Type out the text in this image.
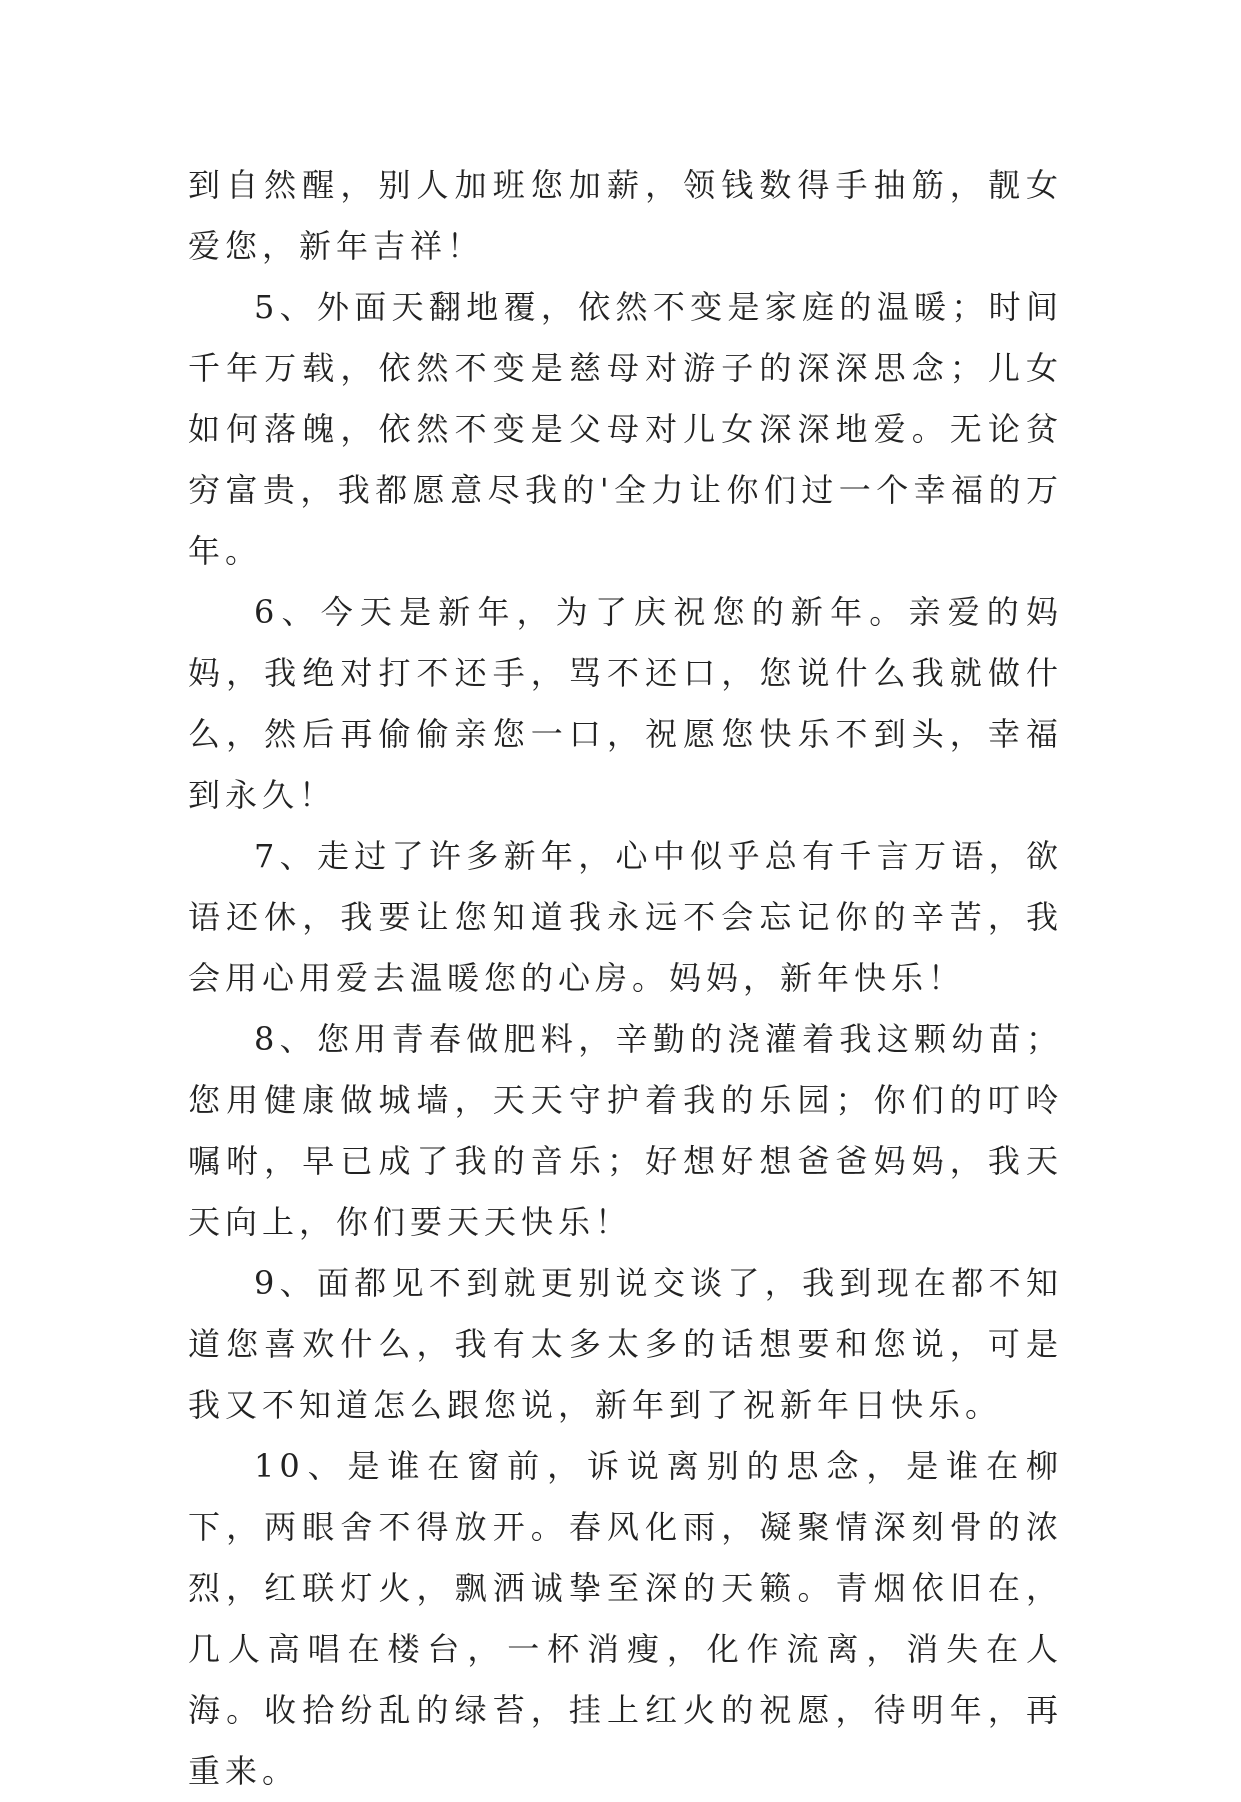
到自然醒，别人加班您加薪，领钱数得手抽筋，靓女爱您，新年吉祥！

5、外面天翻地覆，依然不变是家庭的温暖；时间千年万载，依然不变是慈母对游子的深深思念；儿女如何落魄，依然不变是父母对儿女深深地爱。无论贫穷富贵，我都愿意尽我的'全力让你们过一个幸福的万年。

6、今天是新年，为了庆祝您的新年。亲爱的妈妈，我绝对打不还手，骂不还口，您说什么我就做什么，然后再偷偷亲您一口，祝愿您快乐不到头，幸福到永久！

7、走过了许多新年，心中似乎总有千言万语，欲语还休，我要让您知道我永远不会忘记你的辛苦，我会用心用爱去温暖您的心房。妈妈，新年快乐！

8、您用青春做肥料，辛勤的浇灌着我这颗幼苗；您用健康做城墙，天天守护着我的乐园；你们的叮呤嘱咐，早已成了我的音乐；好想好想爸爸妈妈，我天天向上，你们要天天快乐！

9、面都见不到就更别说交谈了，我到现在都不知道您喜欢什么，我有太多太多的话想要和您说，可是我又不知道怎么跟您说，新年到了祝新年日快乐。

10、是谁在窗前，诉说离别的思念，是谁在柳下，两眼舍不得放开。春风化雨，凝聚情深刻骨的浓烈，红联灯火，飘洒诚挚至深的天籁。青烟依旧在，几人高唱在楼台，一杯消瘦，化作流离，消失在人海。收拾纷乱的绿苔，挂上红火的祝愿，待明年，再重来。
